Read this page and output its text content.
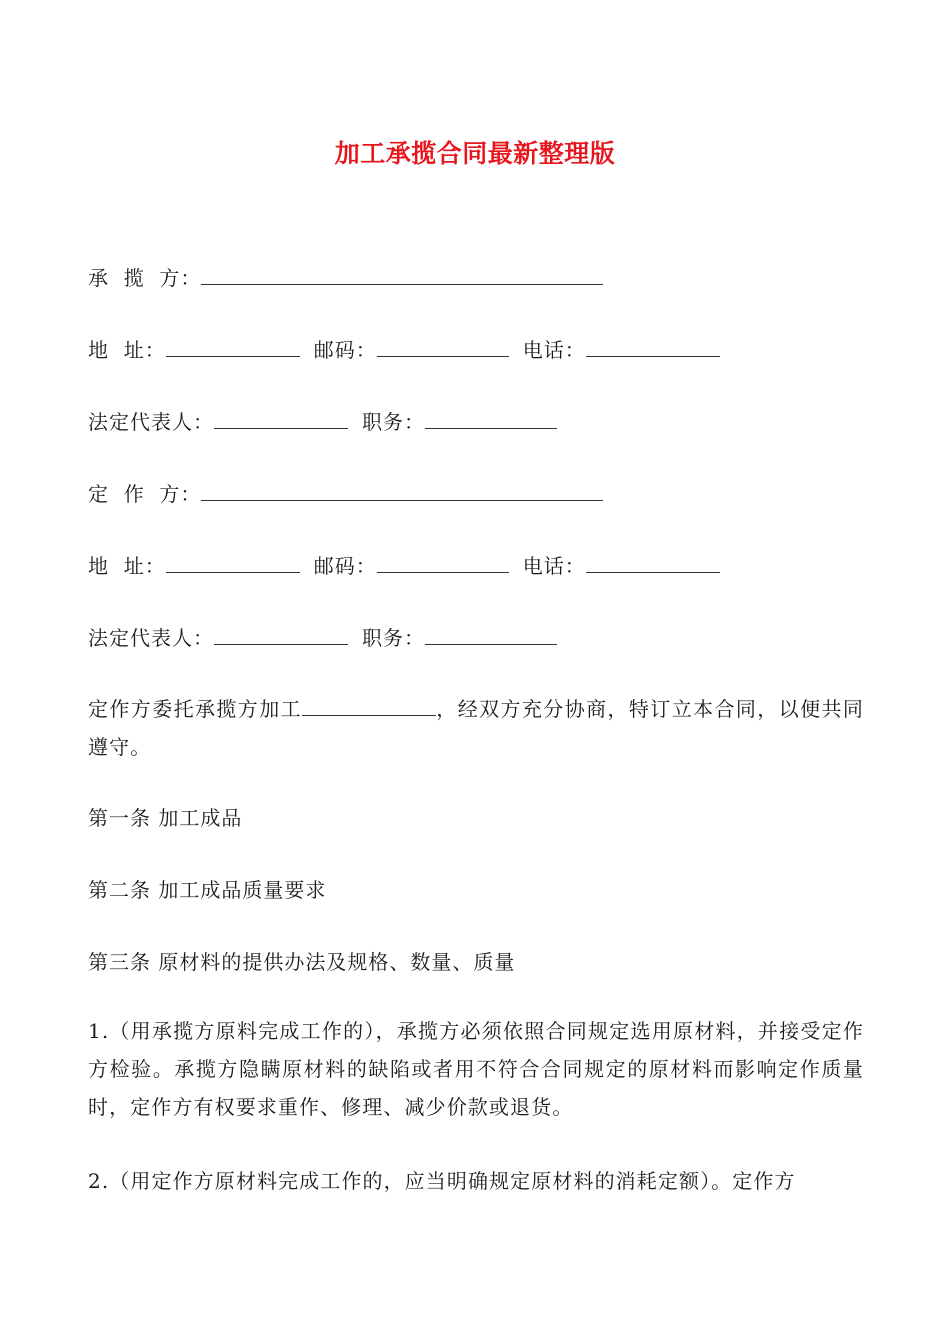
加工承揽合同最新整理版
承  揽  方：
地  址：	邮码：	电话：
法定代表人：	职务：
定  作  方：
地  址：	邮码：	电话：
法定代表人：	职务：
定作方委托承揽方加工	，经双方充分协商，特订立本合同，以便共同遵守。
第一条 加工成品
第二条 加工成品质量要求
第三条 原材料的提供办法及规格、数量、质量
1.（用承揽方原料完成工作的），承揽方必须依照合同规定选用原材料，并接受定作方检验。承揽方隐瞒原材料的缺陷或者用不符合合同规定的原材料而影响定作质量时，定作方有权要求重作、修理、减少价款或退货。
2.（用定作方原材料完成工作的，应当明确规定原材料的消耗定额）。定作方
